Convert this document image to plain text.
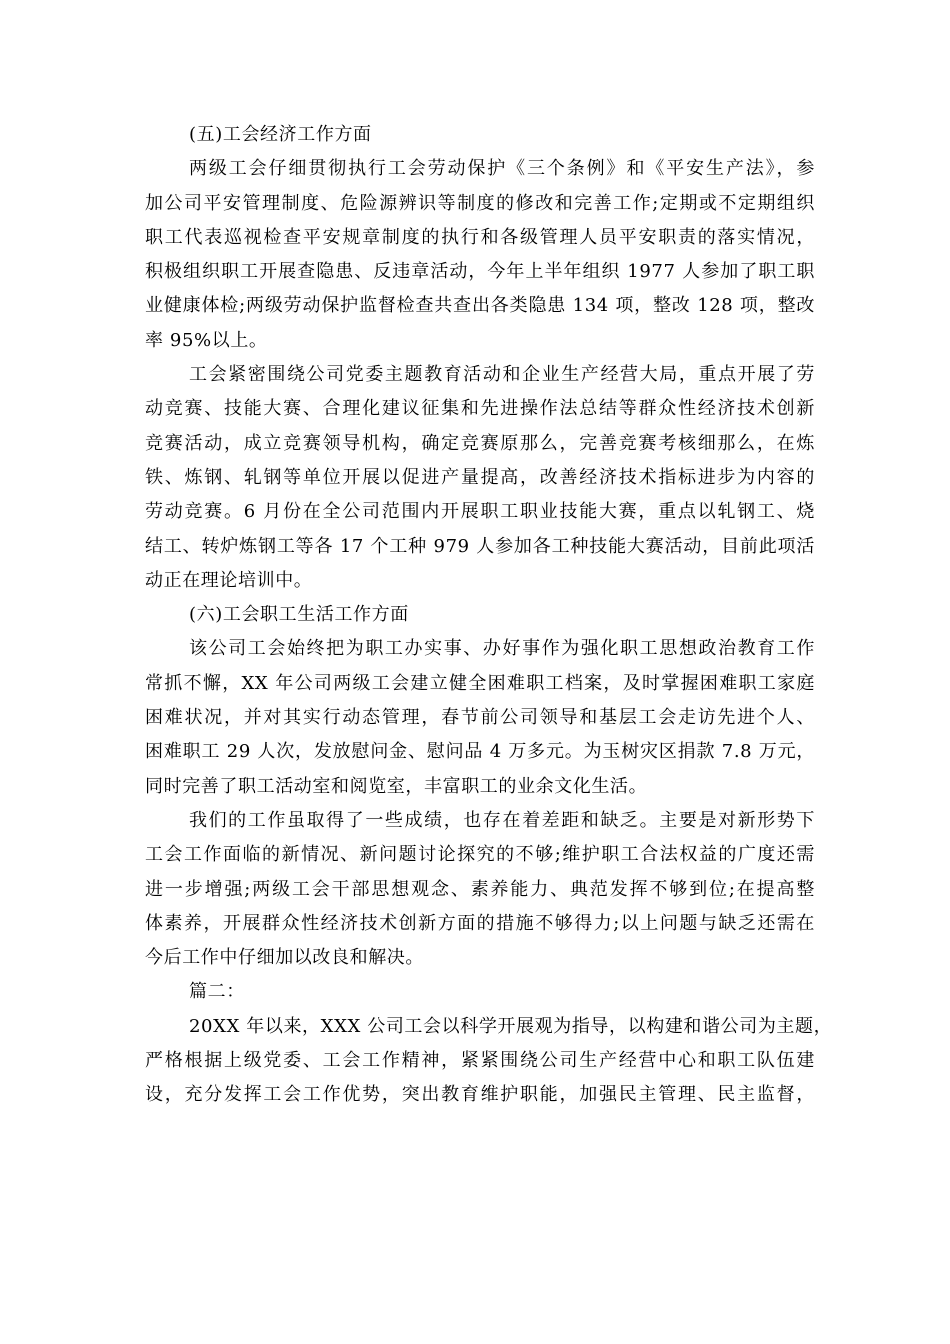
(五)工会经济工作方面
两级工会仔细贯彻执行工会劳动保护《三个条例》和《平安生产法》，参
加公司平安管理制度、危险源辨识等制度的修改和完善工作;定期或不定期组织
职工代表巡视检查平安规章制度的执行和各级管理人员平安职责的落实情况，
积极组织职工开展查隐患、反违章活动，今年上半年组织 1977 人参加了职工职
业健康体检;两级劳动保护监督检查共查出各类隐患 134 项，整改 128 项，整改
率 95%以上。
工会紧密围绕公司党委主题教育活动和企业生产经营大局，重点开展了劳
动竞赛、技能大赛、合理化建议征集和先进操作法总结等群众性经济技术创新
竞赛活动，成立竞赛领导机构，确定竞赛原那么，完善竞赛考核细那么，在炼
铁、炼钢、轧钢等单位开展以促进产量提高，改善经济技术指标进步为内容的
劳动竞赛。6 月份在全公司范围内开展职工职业技能大赛，重点以轧钢工、烧
结工、转炉炼钢工等各 17 个工种 979 人参加各工种技能大赛活动，目前此项活
动正在理论培训中。
(六)工会职工生活工作方面
该公司工会始终把为职工办实事、办好事作为强化职工思想政治教育工作
常抓不懈，XX 年公司两级工会建立健全困难职工档案，及时掌握困难职工家庭
困难状况，并对其实行动态管理，春节前公司领导和基层工会走访先进个人、
困难职工 29 人次，发放慰问金、慰问品 4 万多元。为玉树灾区捐款 7.8 万元，
同时完善了职工活动室和阅览室，丰富职工的业余文化生活。
我们的工作虽取得了一些成绩，也存在着差距和缺乏。主要是对新形势下
工会工作面临的新情况、新问题讨论探究的不够;维护职工合法权益的广度还需
进一步增强;两级工会干部思想观念、素养能力、典范发挥不够到位;在提高整
体素养，开展群众性经济技术创新方面的措施不够得力;以上问题与缺乏还需在
今后工作中仔细加以改良和解决。
篇二：
20XX 年以来，XXX 公司工会以科学开展观为指导，以构建和谐公司为主题，
严格根据上级党委、工会工作精神，紧紧围绕公司生产经营中心和职工队伍建
设，充分发挥工会工作优势，突出教育维护职能，加强民主管理、民主监督，
